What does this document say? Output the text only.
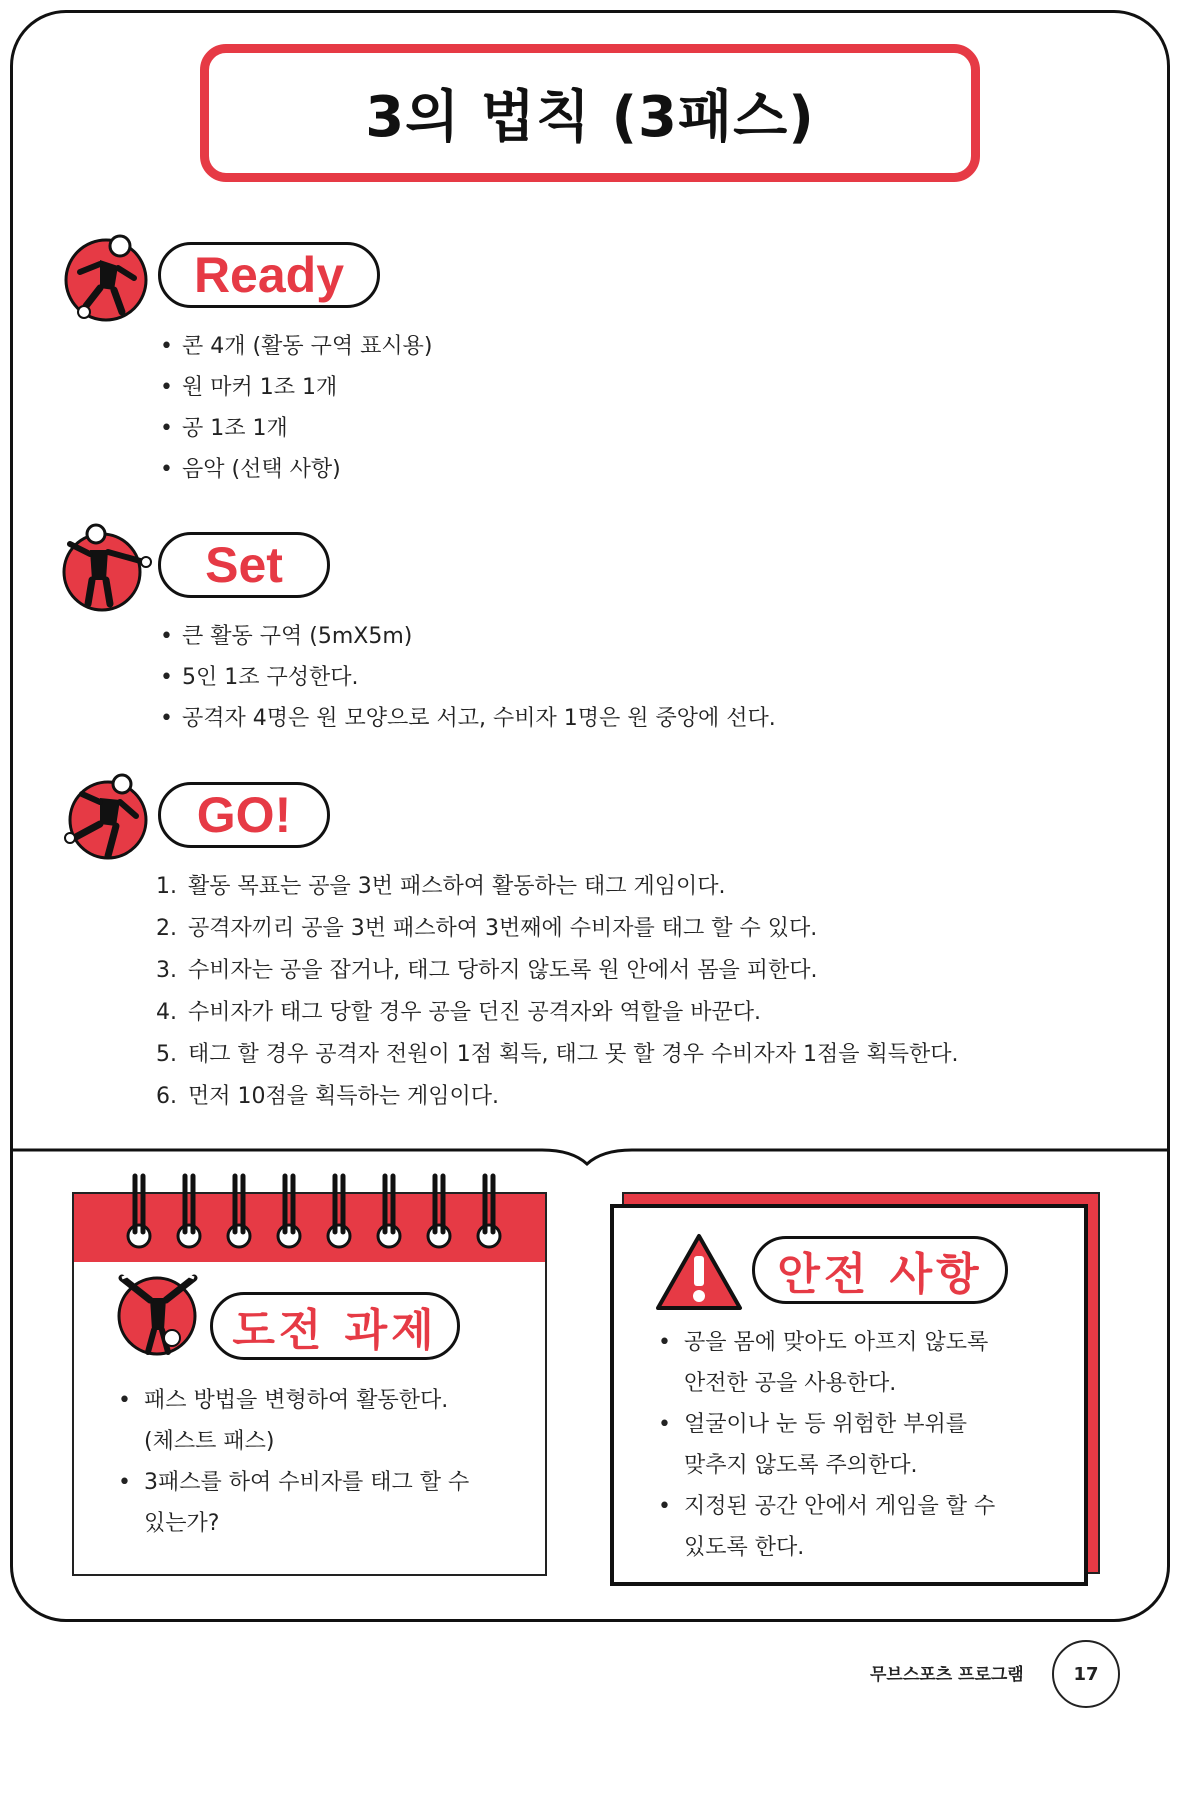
3의 법칙 (3패스)
Ready
• 콘 4개 (활동 구역 표시용)
• 원 마커 1조 1개
• 공 1조 1개
• 음악 (선택 사항)
Set
• 큰 활동 구역 (5mX5m)
• 5인 1조 구성한다.
• 공격자 4명은 원 모양으로 서고, 수비자 1명은 원 중앙에 선다.
GO!
1. 활동 목표는 공을 3번 패스하여 활동하는 태그 게임이다.
2. 공격자끼리 공을 3번 패스하여 3번째에 수비자를 태그 할 수 있다.
3. 수비자는 공을 잡거나, 태그 당하지 않도록 원 안에서 몸을 피한다.
4. 수비자가 태그 당할 경우 공을 던진 공격자와 역할을 바꾼다.
5. 태그 할 경우 공격자 전원이 1점 획득, 태그 못 할 경우 수비자자 1점을 획득한다.
6. 먼저 10점을 획득하는 게임이다.
도전 과제
• 패스 방법을 변형하여 활동한다.
(체스트 패스)
• 3패스를 하여 수비자를 태그 할 수
있는가?
안전 사항
• 공을 몸에 맞아도 아프지 않도록
안전한 공을 사용한다.
• 얼굴이나 눈 등 위험한 부위를
맞추지 않도록 주의한다.
• 지정된 공간 안에서 게임을 할 수
있도록 한다.
무브스포츠 프로그램	17
